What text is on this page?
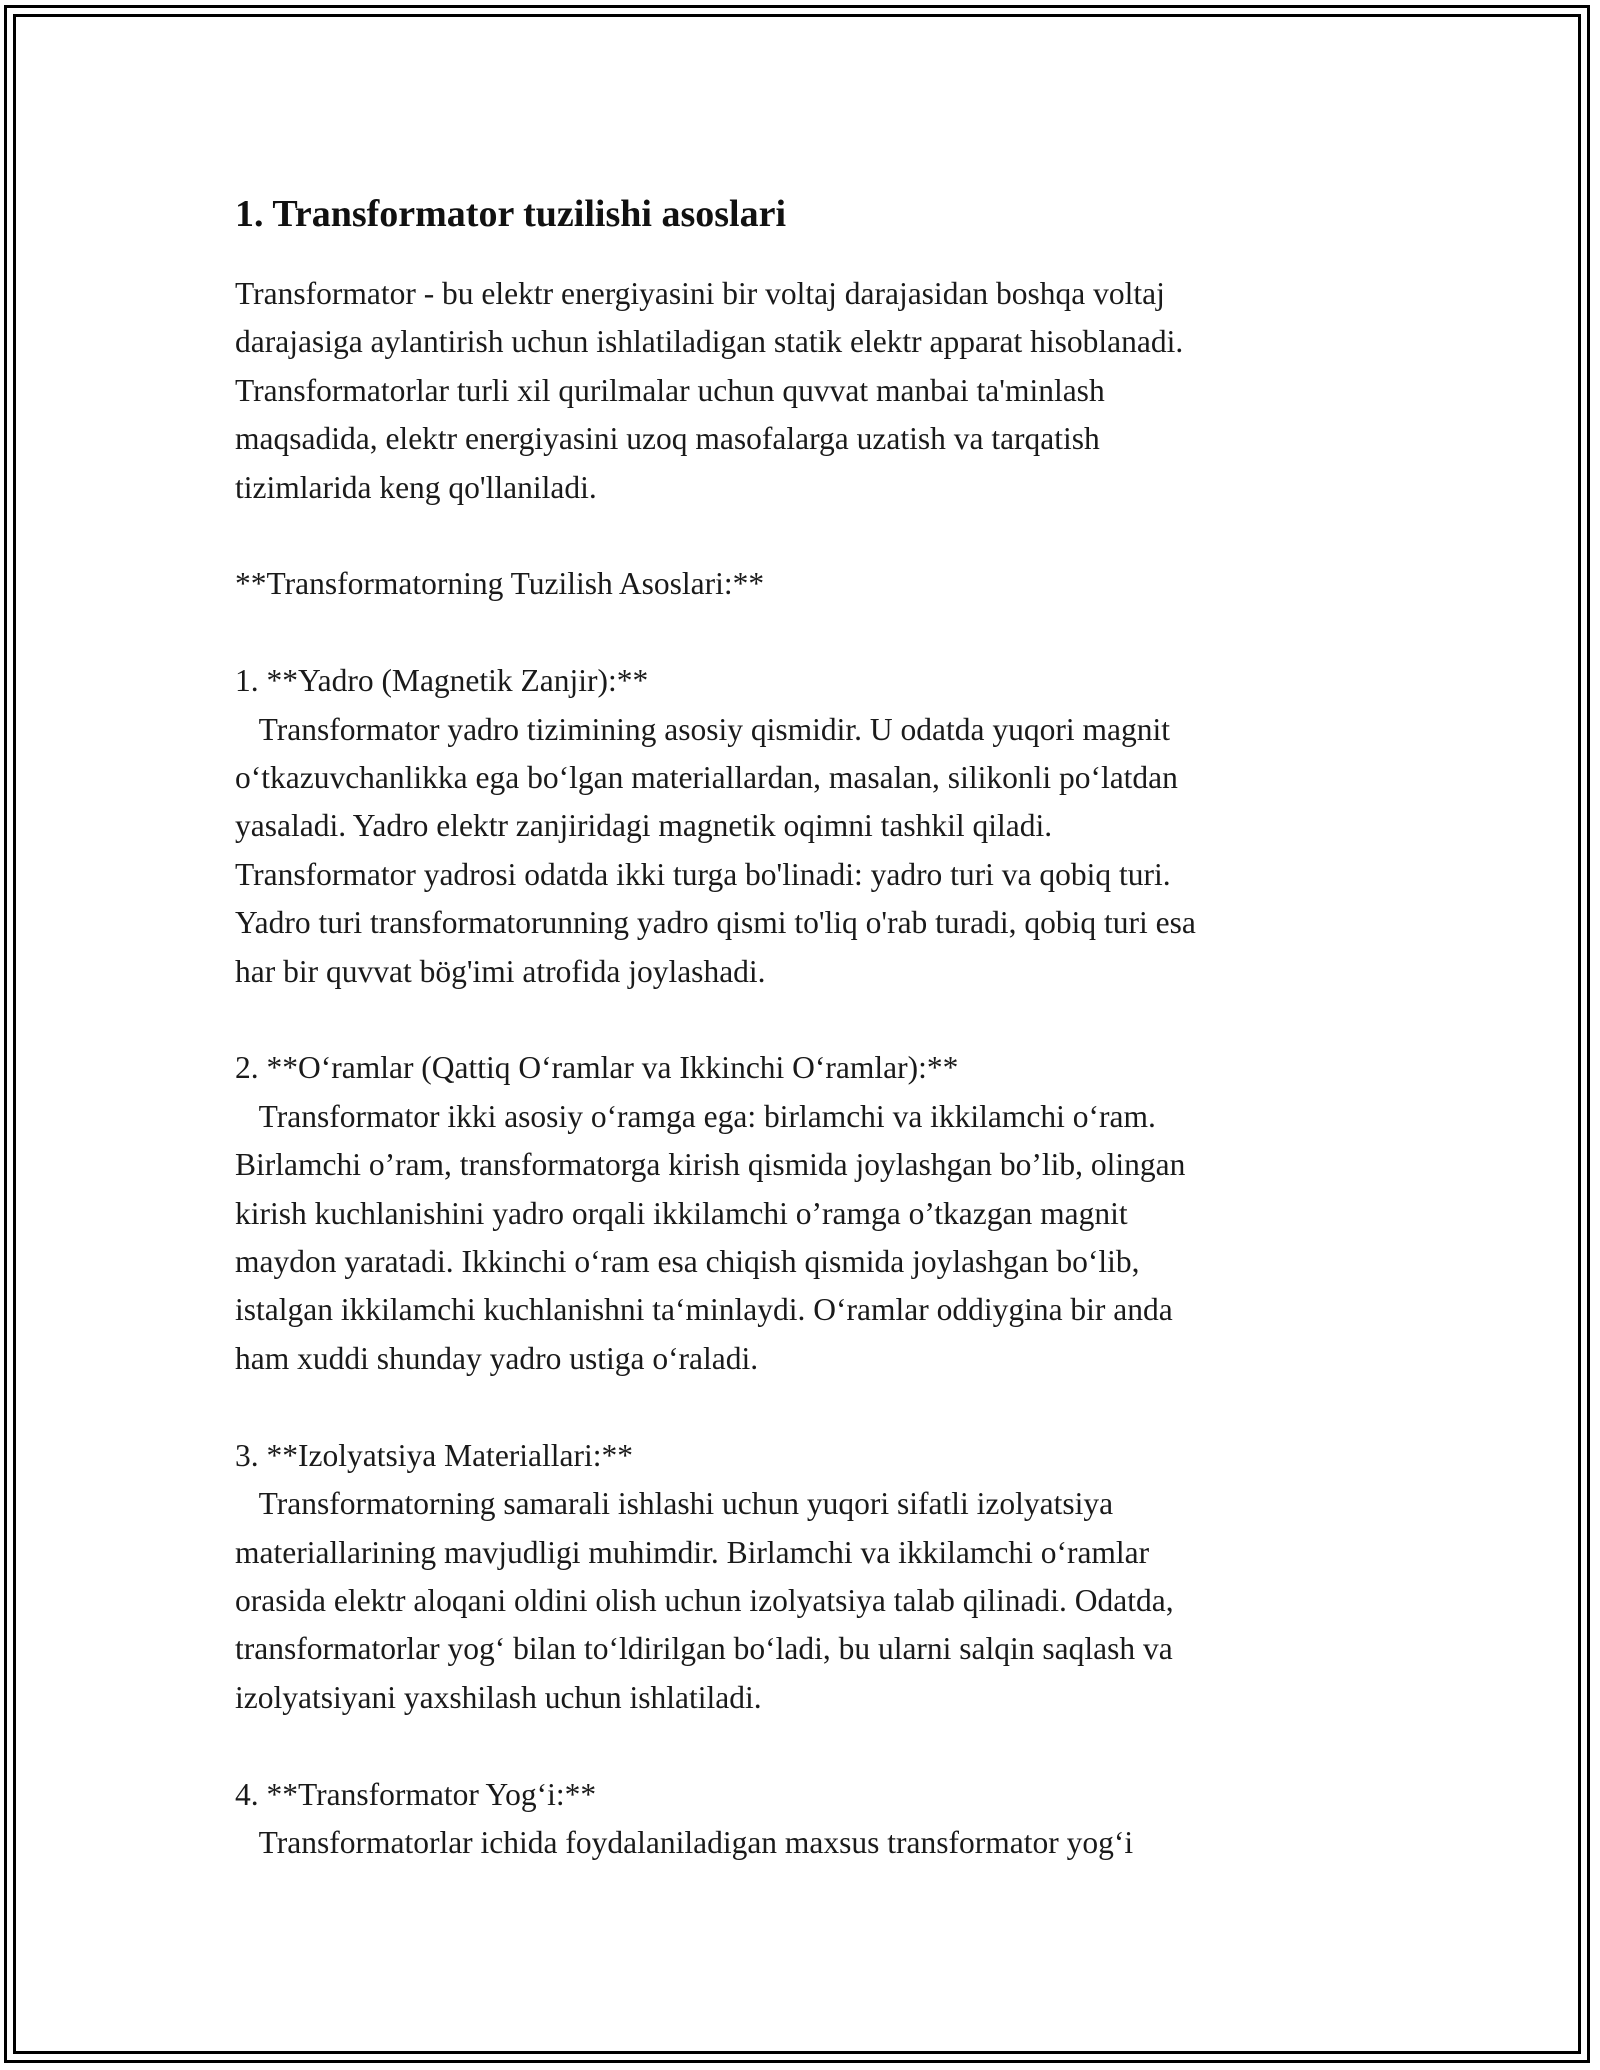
1. Transformator tuzilishi asoslari

Transformator - bu elektr energiyasini bir voltaj darajasidan boshqa voltaj
darajasiga aylantirish uchun ishlatiladigan statik elektr apparat hisoblanadi.
Transformatorlar turli xil qurilmalar uchun quvvat manbai ta'minlash
maqsadida, elektr energiyasini uzoq masofalarga uzatish va tarqatish
tizimlarida keng qo'llaniladi.

**Transformatorning Tuzilish Asoslari:**

1. **Yadro (Magnetik Zanjir):**

Transformator yadro tizimining asosiy qismidir. U odatda yuqori magnit
o‘tkazuvchanlikka ega bo‘lgan materiallardan, masalan, silikonli po‘latdan
yasaladi. Yadro elektr zanjiridagi magnetik oqimni tashkil qiladi.
Transformator yadrosi odatda ikki turga bo'linadi: yadro turi va qobiq turi.
Yadro turi transformatorunning yadro qismi to'liq o'rab turadi, qobiq turi esa
har bir quvvat bög'imi atrofida joylashadi.

2. **O‘ramlar (Qattiq O‘ramlar va Ikkinchi O‘ramlar):**

Transformator ikki asosiy o‘ramga ega: birlamchi va ikkilamchi o‘ram.
Birlamchi o’ram, transformatorga kirish qismida joylashgan bo’lib, olingan
kirish kuchlanishini yadro orqali ikkilamchi o’ramga o’tkazgan magnit
maydon yaratadi. Ikkinchi o‘ram esa chiqish qismida joylashgan bo‘lib,
istalgan ikkilamchi kuchlanishni ta‘minlaydi. O‘ramlar oddiygina bir anda
ham xuddi shunday yadro ustiga o‘raladi.

3. **Izolyatsiya Materiallari:**

Transformatorning samarali ishlashi uchun yuqori sifatli izolyatsiya
materiallarining mavjudligi muhimdir. Birlamchi va ikkilamchi o‘ramlar
orasida elektr aloqani oldini olish uchun izolyatsiya talab qilinadi. Odatda,
transformatorlar yog‘ bilan to‘ldirilgan bo‘ladi, bu ularni salqin saqlash va
izolyatsiyani yaxshilash uchun ishlatiladi.

4. **Transformator Yog‘i:**

Transformatorlar ichida foydalaniladigan maxsus transformator yog‘i
